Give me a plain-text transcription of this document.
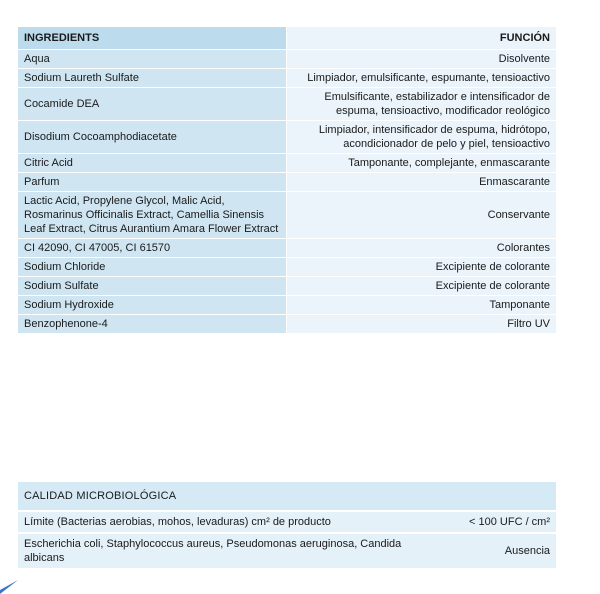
INGREDIENTS	FUNCIÓN
Aqua	Disolvente
Sodium Laureth Sulfate	Limpiador, emulsificante, espumante, tensioactivo
Cocamide DEA	Emulsificante, estabilizador e intensificador de espuma, tensioactivo, modificador reológico
Disodium Cocoamphodiacetate	Limpiador, intensificador de espuma, hidrótopo, acondicionador de pelo y piel, tensioactivo
Citric Acid	Tamponante, complejante, enmascarante
Parfum	Enmascarante
Lactic Acid, Propylene Glycol, Malic Acid, Rosmarinus Officinalis Extract, Camellia Sinensis Leaf Extract, Citrus Aurantium Amara Flower Extract	Conservante
CI 42090, CI 47005, CI 61570	Colorantes
Sodium Chloride	Excipiente de colorante
Sodium Sulfate	Excipiente de colorante
Sodium Hydroxide	Tamponante
Benzophenone-4	Filtro UV
CALIDAD MICROBIOLÓGICA	
Límite (Bacterias aerobias, mohos, levaduras) cm² de producto	< 100 UFC / cm²
Escherichia coli, Staphylococcus aureus, Pseudomonas aeruginosa, Candida albicans	Ausencia
